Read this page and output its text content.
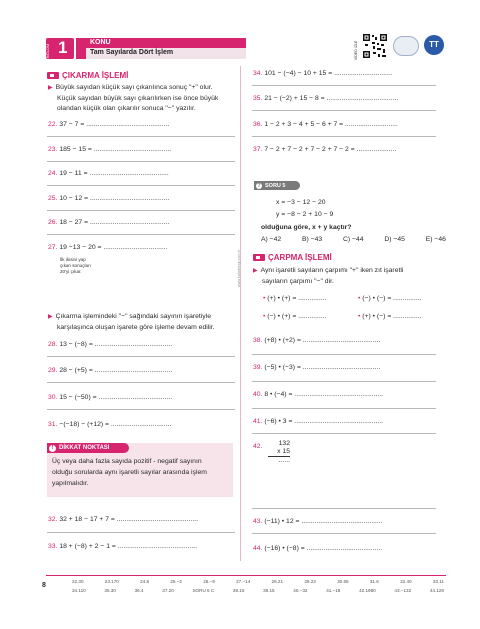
BÖLÜM 1	KONU
Tam Sayılarda Dört İşlem	VİDEO İZLE	TT
www.kafadengi.com.tr
ÇIKARMA İŞLEMİ
▶ Büyük sayıdan küçük sayı çıkarılınca sonuç "+" olur.
Küçük sayıdan büyük sayı çıkarılırken ise önce büyük
olandan küçük olan çıkarılır sonuca "−" yazılır.
22. 37 − 7 = ............................................
23. 185 − 15 = .........................................
24. 19 − 11 = ..........................................
25. 10 − 12 = ..........................................
26. 18 − 27 = ..........................................
27. 19 −13 − 20 = ..................................
İlk ikisini yap
çıkan sonuçları
20'yi çıkar.
▶ Çıkarma işlemindeki "−" sağındaki sayının işaretiyle
karşılaşınca oluşan işarete göre işleme devam edilir.
28. 13 − (−8) = .........................................
29. 28 − (+5) = .........................................
30. 15 − (−50) = .......................................
31. −(−18) − (+12) = ................................
! DİKKAT NOKTASI
Üç veya daha fazla sayıda pozitif - negatif sayının
olduğu sorularda aynı işaretli sayılar arasında işlem
yapılmalıdır.
32. 32 + 18 − 17 + 7 = ...........................................
33. 18 + (−8) + 2 − 1 = ..........................................
34. 101 − (−4) − 10 + 15 = ...............................
35. 21 − (−2) + 15 − 8 = ......................................
36. 1 − 2 + 3 − 4 + 5 − 6 + 7 = ............................
37. 7 − 2 + 7 − 2 + 7 − 2 + 7 − 2 = .....................
? SORU 5
x = −3 − 12 − 20
y = −8 − 2 + 10 − 9
olduğuna göre, x + y kaçtır?
A) −42	B) −43	C) −44	D) −45	E) −46
ÇARPMA İŞLEMİ
▶ Aynı işaretli sayıların çarpımı "+" iken zıt işaretli
sayıların çarpımı "−" dir.
• (+) • (+) = ...............	• (−) • (−) = ...............
• (−) • (+) = ...............	• (+) • (−) = ...............
38. (+8) • (+2) = .........................................
39. (−5) • (−3) = .........................................
40. 8 • (−4) = ...............................................
41. (−6) • 3 = ...............................................
42.	132
x 15
......
43. (−11) • 12 = ...........................................
44. (−16) • (−8) = ........................................
8
22.30	23.170	24.8	25.−2	26.−9	27.−14	28.21	29.23	30.65	31.6	32.40	33.11
34.110	35.30	36.4	37.20	SORU 5 C	38.16	39.15	40.−32	41.−18	42.1980	43.−132	44.128
